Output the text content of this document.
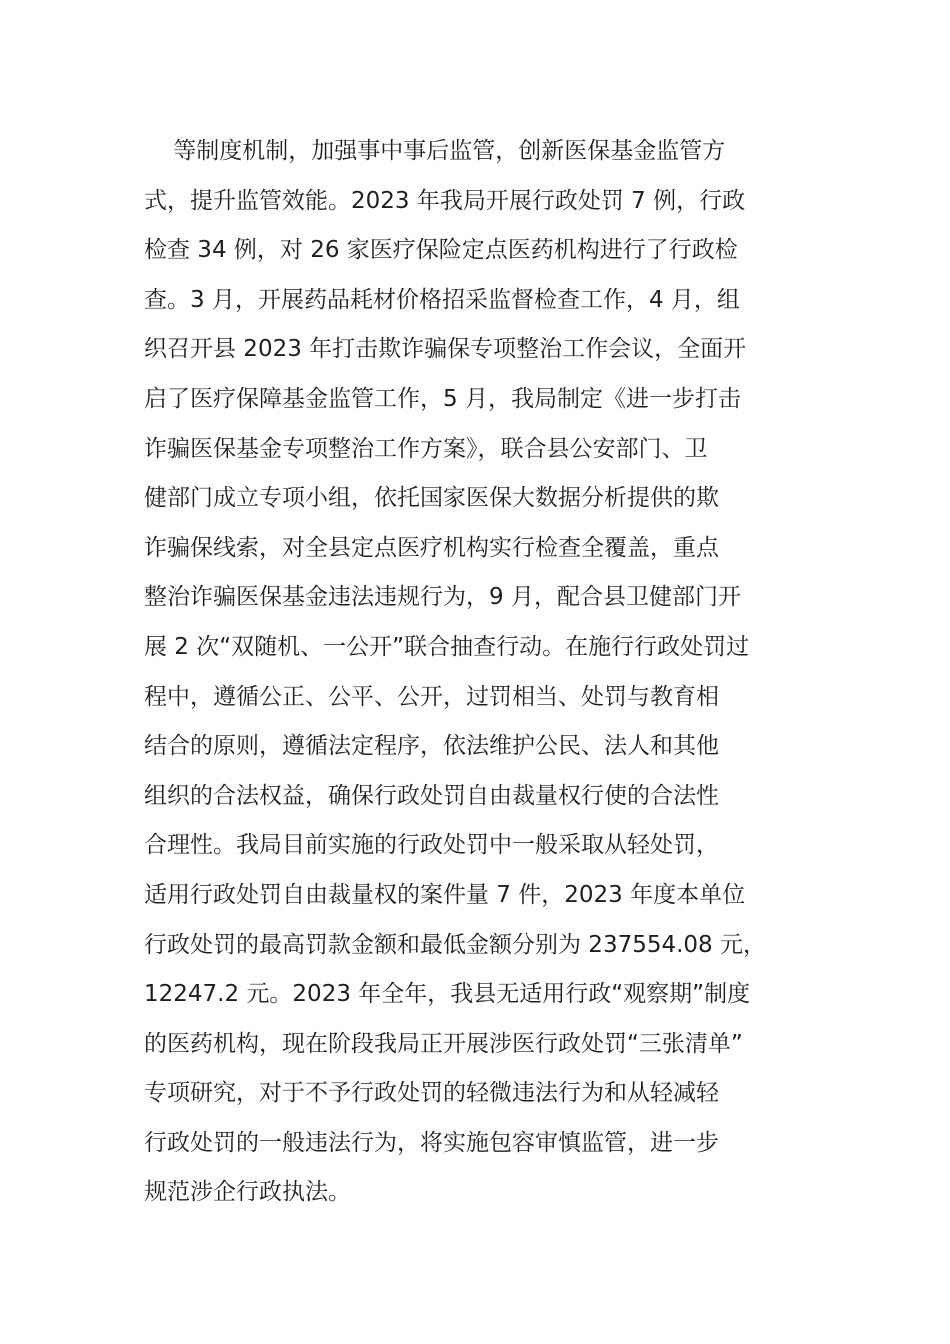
等制度机制，加强事中事后监管，创新医保基金监管方
式，提升监管效能。2023 年我局开展行政处罚 7 例，行政
检查 34 例，对 26 家医疗保险定点医药机构进行了行政检
查。3 月，开展药品耗材价格招采监督检查工作，4 月，组
织召开县 2023 年打击欺诈骗保专项整治工作会议，全面开
启了医疗保障基金监管工作，5 月，我局制定《进一步打击
诈骗医保基金专项整治工作方案》，联合县公安部门、卫
健部门成立专项小组，依托国家医保大数据分析提供的欺
诈骗保线索，对全县定点医疗机构实行检查全覆盖，重点
整治诈骗医保基金违法违规行为，9 月，配合县卫健部门开
展 2 次“双随机、一公开”联合抽查行动。在施行行政处罚过
程中，遵循公正、公平、公开，过罚相当、处罚与教育相
结合的原则，遵循法定程序，依法维护公民、法人和其他
组织的合法权益，确保行政处罚自由裁量权行使的合法性
合理性。我局目前实施的行政处罚中一般采取从轻处罚，
适用行政处罚自由裁量权的案件量 7 件，2023 年度本单位
行政处罚的最高罚款金额和最低金额分别为 237554.08 元，
12247.2 元。2023 年全年，我县无适用行政“观察期”制度
的医药机构，现在阶段我局正开展涉医行政处罚“三张清单”
专项研究，对于不予行政处罚的轻微违法行为和从轻减轻
行政处罚的一般违法行为，将实施包容审慎监管，进一步
规范涉企行政执法。
